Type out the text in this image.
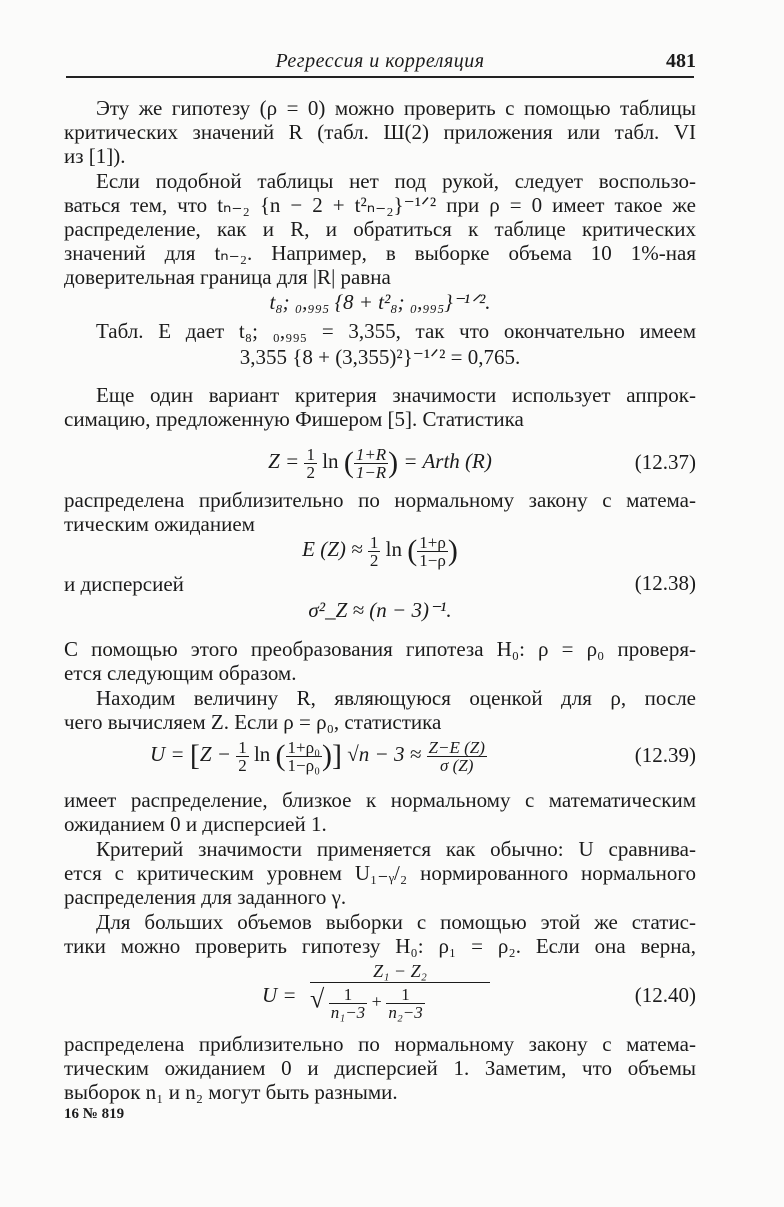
Регрессия и корреляция	481
Эту же гипотезу (ρ = 0) можно проверить с помощью таблицы
критических значений R (табл. Ш(2) приложения или табл. VI
из [1]).
Если подобной таблицы нет под рукой, следует воспользо-
ваться тем, что tₙ₋₂ {n − 2 + t²ₙ₋₂}⁻¹ᐟ² при ρ = 0 имеет такое же
распределение, как и R, и обратиться к таблице критических
значений для tₙ₋₂. Например, в выборке объема 10 1%-ная
доверительная граница для |R| равна
t₈; ₀,₉₉₅ {8 + t²₈; ₀,₉₉₅}⁻¹ᐟ².
Табл. Е дает t₈; ₀,₉₉₅ = 3,355, так что окончательно имеем
3,355 {8 + (3,355)²}⁻¹ᐟ² = 0,765.
Еще один вариант критерия значимости использует аппрок-
симацию, предложенную Фишером [5]. Статистика
$Z = \frac{1}{2}$ ln ( $\frac{1+R}{1-R}$ ) = Arth (R)	(12.37)
распределена приблизительно по нормальному закону с матема-
тическим ожиданием
E $(Z) \approx \frac{1}{2}$ ln ( $\frac{1+\rho}{1-\rho}$ )
и дисперсией	(12.38)
σ²_Z ≈ (n − 3)⁻¹.
С помощью этого преобразования гипотеза H₀: ρ = ρ₀ проверя-
ется следующим образом.
Находим величину R, являющуюся оценкой для ρ, после
чего вычисляем Z. Если ρ = ρ₀, статистика
$U = [Z - \frac{1}{2}$ ln ( $\frac{\text{1+ρ₀}}{\text{1−ρ₀}}$ )] $√n - 3 \approx \frac{Z-E (Z)}{\sigma (Z)}$	(12.39)
имеет распределение, близкое к нормальному с математическим
ожиданием 0 и дисперсией 1.
Критерий значимости применяется как обычно: U сравнива-
ется с критическим уровнем U₁₋ᵧ/₂ нормированного нормального
распределения для заданного γ.
Для больших объемов выборки с помощью этой же статис-
тики можно проверить гипотезу H₀: ρ₁ = ρ₂. Если она верна,
U =
Z₁ − Z₂
√ $\frac{1}{\text{n₁−3}} + \frac{1}{\text{n₂−3}}$	(12.40)
распределена приблизительно по нормальному закону с матема-
тическим ожиданием 0 и дисперсией 1. Заметим, что объемы
выборок n₁ и n₂ могут быть разными.
16 № 819
